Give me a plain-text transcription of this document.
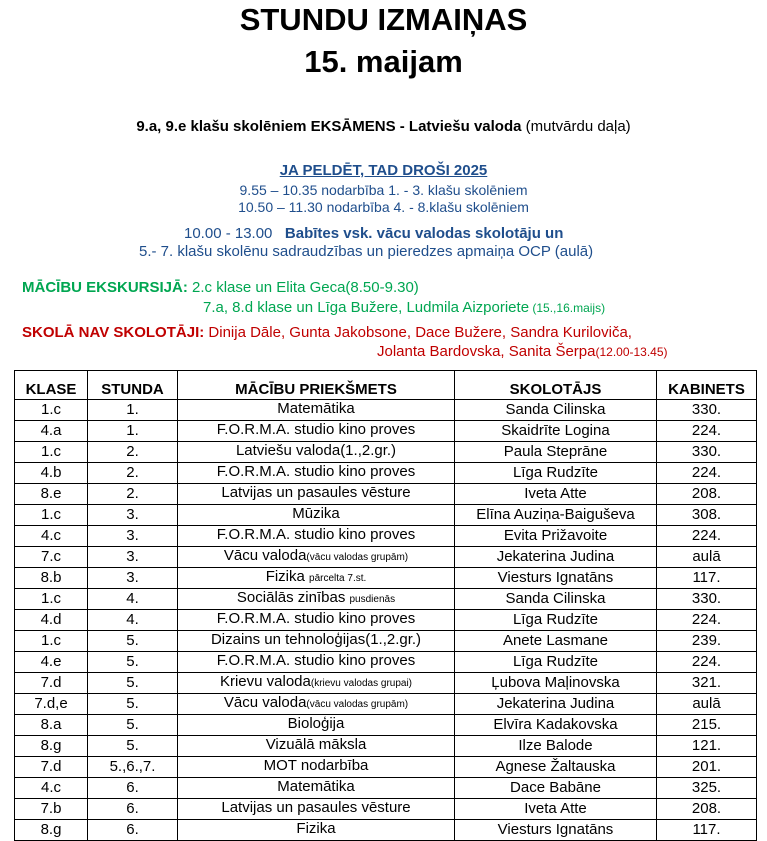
STUNDU IZMAIŅAS
15. maijam
9.a, 9.e klašu skolēniem EKSĀMENS - Latviešu valoda (mutvārdu daļa)
JA PELDĒT, TAD DROŠI 2025
9.55 – 10.35 nodarbība 1. - 3. klašu skolēniem
10.50 – 11.30 nodarbība 4. - 8.klašu skolēniem
10.00 - 13.00 Babītes vsk. vācu valodas skolotāju un
5.- 7. klašu skolēnu sadraudzības un pieredzes apmaiņa OCP (aulā)
MĀCĪBU EKSKURSIJĀ: 2.c klase un Elita Geca(8.50-9.30)
7.a, 8.d klase un Līga Bužere, Ludmila Aizporiete (15.,16.maijs)
SKOLĀ NAV SKOLOTĀJI: Dinija Dāle, Gunta Jakobsone, Dace Bužere, Sandra Kuriloviča,
Jolanta Bardovska, Sanita Šerpa(12.00-13.45)
KLASE	STUNDA	MĀCĪBU PRIEKŠMETS	SKOLOTĀJS	KABINETS
1.c	1.	Matemātika	Sanda Cilinska	330.
4.a	1.	F.O.R.M.A. studio kino proves	Skaidrīte Logina	224.
1.c	2.	Latviešu valoda(1.,2.gr.)	Paula Steprāne	330.
4.b	2.	F.O.R.M.A. studio kino proves	Līga Rudzīte	224.
8.e	2.	Latvijas un pasaules vēsture	Iveta Atte	208.
1.c	3.	Mūzika	Elīna Auziņa-Baiguševa	308.
4.c	3.	F.O.R.M.A. studio kino proves	Evita Prižavoite	224.
7.c	3.	Vācu valoda(vācu valodas grupām)	Jekaterina Judina	aulā
8.b	3.	Fizika pārcelta 7.st.	Viesturs Ignatāns	117.
1.c	4.	Sociālās zinības pusdienās	Sanda Cilinska	330.
4.d	4.	F.O.R.M.A. studio kino proves	Līga Rudzīte	224.
1.c	5.	Dizains un tehnoloģijas(1.,2.gr.)	Anete Lasmane	239.
4.e	5.	F.O.R.M.A. studio kino proves	Līga Rudzīte	224.
7.d	5.	Krievu valoda(krievu valodas grupai)	Ļubova Maļinovska	321.
7.d,e	5.	Vācu valoda(vācu valodas grupām)	Jekaterina Judina	aulā
8.a	5.	Bioloģija	Elvīra Kadakovska	215.
8.g	5.	Vizuālā māksla	Ilze Balode	121.
7.d	5.,6.,7.	MOT nodarbība	Agnese Žaltauska	201.
4.c	6.	Matemātika	Dace Babāne	325.
7.b	6.	Latvijas un pasaules vēsture	Iveta Atte	208.
8.g	6.	Fizika	Viesturs Ignatāns	117.
